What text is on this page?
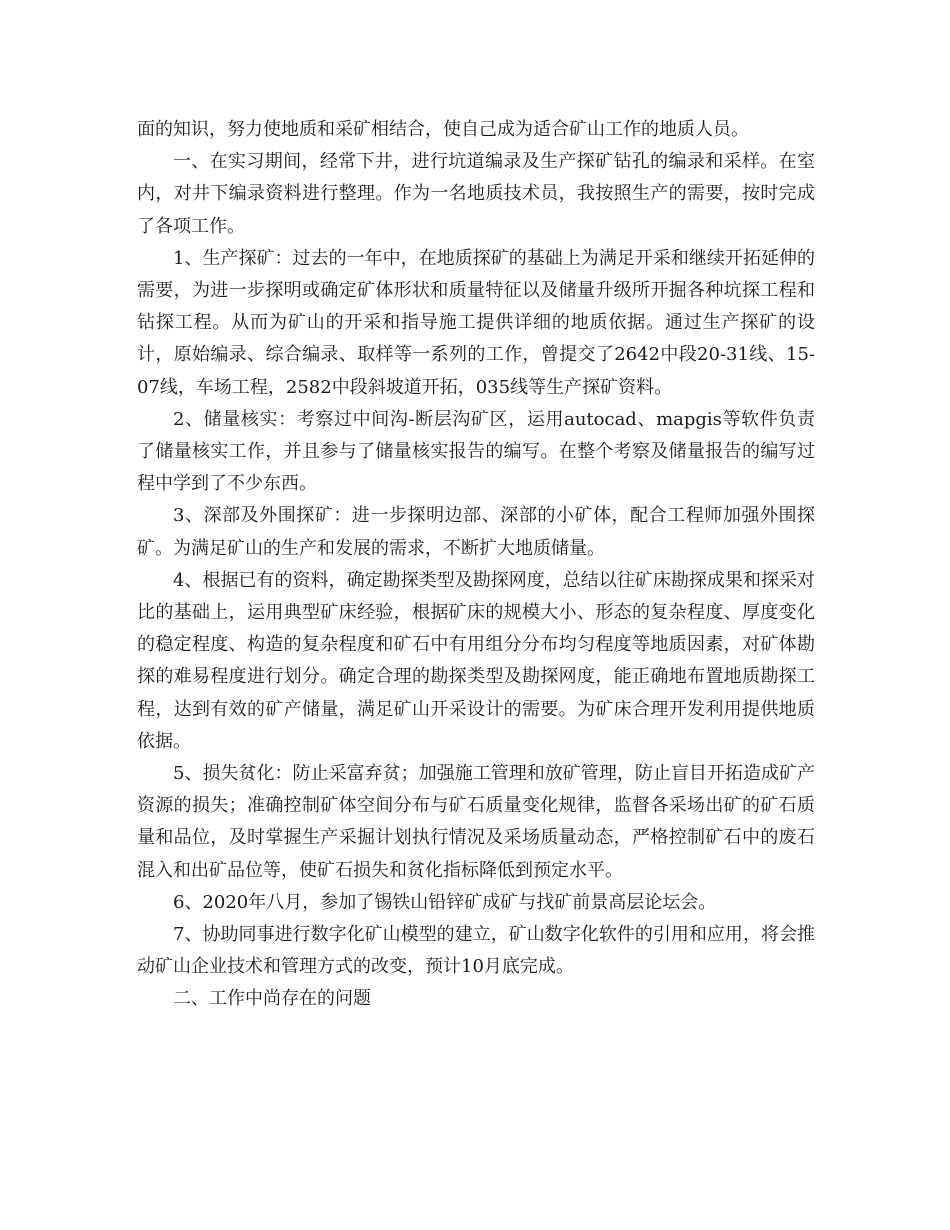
面的知识，努力使地质和采矿相结合，使自己成为适合矿山工作的地质人员。

一、在实习期间，经常下井，进行坑道编录及生产探矿钻孔的编录和采样。在室内，对井下编录资料进行整理。作为一名地质技术员，我按照生产的需要，按时完成了各项工作。

1、生产探矿：过去的一年中，在地质探矿的基础上为满足开采和继续开拓延伸的需要，为进一步探明或确定矿体形状和质量特征以及储量升级所开掘各种坑探工程和钻探工程。从而为矿山的开采和指导施工提供详细的地质依据。通过生产探矿的设计，原始编录、综合编录、取样等一系列的工作，曾提交了2642中段20-31线、15-07线，车场工程，2582中段斜坡道开拓，035线等生产探矿资料。

2、储量核实：考察过中间沟-断层沟矿区，运用autocad、mapgis等软件负责了储量核实工作，并且参与了储量核实报告的编写。在整个考察及储量报告的编写过程中学到了不少东西。

3、深部及外围探矿：进一步探明边部、深部的小矿体，配合工程师加强外围探矿。为满足矿山的生产和发展的需求，不断扩大地质储量。

4、根据已有的资料，确定勘探类型及勘探网度，总结以往矿床勘探成果和探采对比的基础上，运用典型矿床经验，根据矿床的规模大小、形态的复杂程度、厚度变化的稳定程度、构造的复杂程度和矿石中有用组分分布均匀程度等地质因素，对矿体勘探的难易程度进行划分。确定合理的勘探类型及勘探网度，能正确地布置地质勘探工程，达到有效的矿产储量，满足矿山开采设计的需要。为矿床合理开发利用提供地质依据。

5、损失贫化：防止采富弃贫；加强施工管理和放矿管理，防止盲目开拓造成矿产资源的损失；准确控制矿体空间分布与矿石质量变化规律，监督各采场出矿的矿石质量和品位，及时掌握生产采掘计划执行情况及采场质量动态，严格控制矿石中的废石混入和出矿品位等，使矿石损失和贫化指标降低到预定水平。

6、2020年八月，参加了锡铁山铅锌矿成矿与找矿前景高层论坛会。

7、协助同事进行数字化矿山模型的建立，矿山数字化软件的引用和应用，将会推动矿山企业技术和管理方式的改变，预计10月底完成。

二、工作中尚存在的问题
